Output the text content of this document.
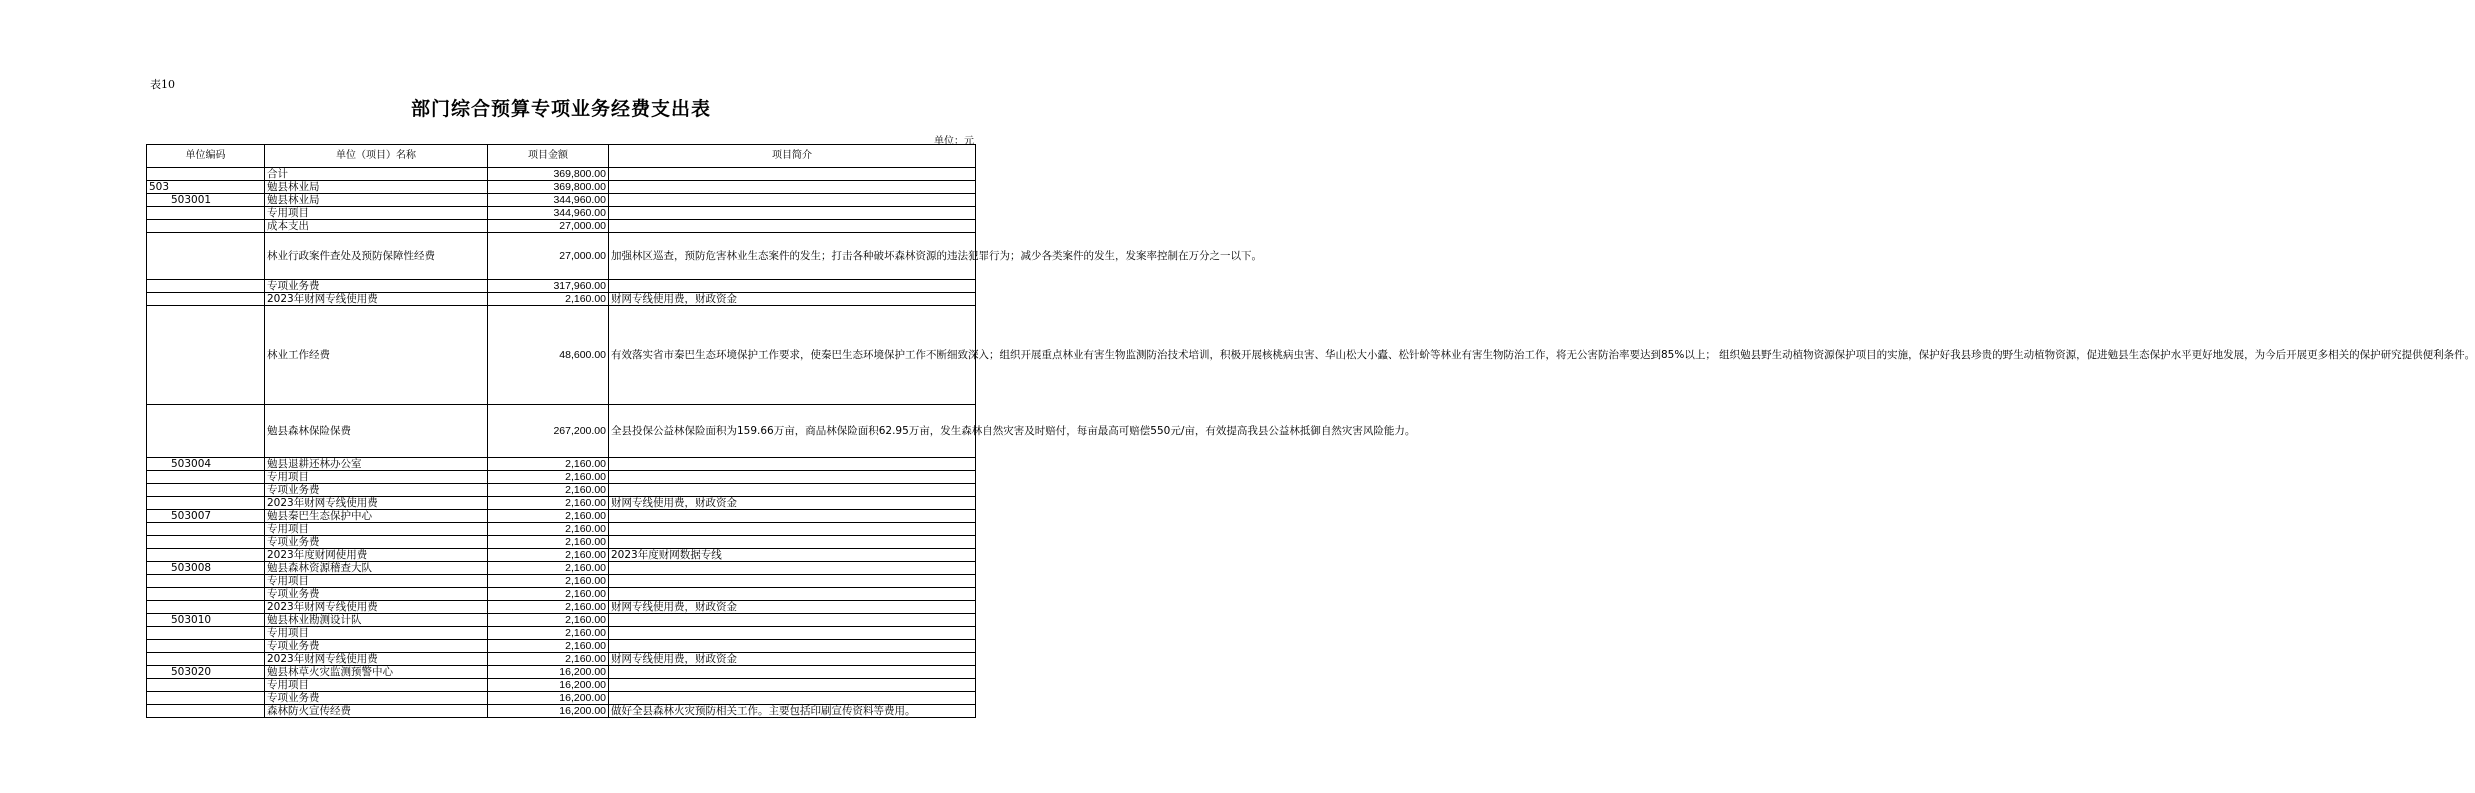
表10
部门综合预算专项业务经费支出表
单位：元
单位编码	单位（项目）名称	项目金额	项目简介
	合计	369,800.00	
503	勉县林业局	369,800.00	
503001	勉县林业局	344,960.00	
	专用项目	344,960.00	
	成本支出	27,000.00	
	林业行政案件查处及预防保障性经费	27,000.00	加强林区巡查，预防危害林业生态案件的发生；打击各种破坏森林资源的违法犯罪行为；减少各类案件的发生，发案率控制在万分之一以下。
	专项业务费	317,960.00	
	2023年财网专线使用费	2,160.00	财网专线使用费，财政资金
	林业工作经费	48,600.00	有效落实省市秦巴生态环境保护工作要求，使秦巴生态环境保护工作不断细致深入；组织开展重点林业有害生物监测防治技术培训，积极开展核桃病虫害、华山松大小蠹、松针蚧等林业有害生物防治工作，将无公害防治率要达到85%以上； 组织勉县野生动植物资源保护项目的实施，保护好我县珍贵的野生动植物资源，促进勉县生态保护水平更好地发展，为今后开展更多相关的保护研究提供便利条件。
	勉县森林保险保费	267,200.00	全县投保公益林保险面积为159.66万亩，商品林保险面积62.95万亩，发生森林自然灾害及时赔付，每亩最高可赔偿550元/亩，有效提高我县公益林抵御自然灾害风险能力。
503004	勉县退耕还林办公室	2,160.00	
	专用项目	2,160.00	
	专项业务费	2,160.00	
	2023年财网专线使用费	2,160.00	财网专线使用费，财政资金
503007	勉县秦巴生态保护中心	2,160.00	
	专用项目	2,160.00	
	专项业务费	2,160.00	
	2023年度财网使用费	2,160.00	2023年度财网数据专线
503008	勉县森林资源稽查大队	2,160.00	
	专用项目	2,160.00	
	专项业务费	2,160.00	
	2023年财网专线使用费	2,160.00	财网专线使用费，财政资金
503010	勉县林业勘测设计队	2,160.00	
	专用项目	2,160.00	
	专项业务费	2,160.00	
	2023年财网专线使用费	2,160.00	财网专线使用费，财政资金
503020	勉县林草火灾监测预警中心	16,200.00	
	专用项目	16,200.00	
	专项业务费	16,200.00	
	森林防火宣传经费	16,200.00	做好全县森林火灾预防相关工作。主要包括印刷宣传资料等费用。
